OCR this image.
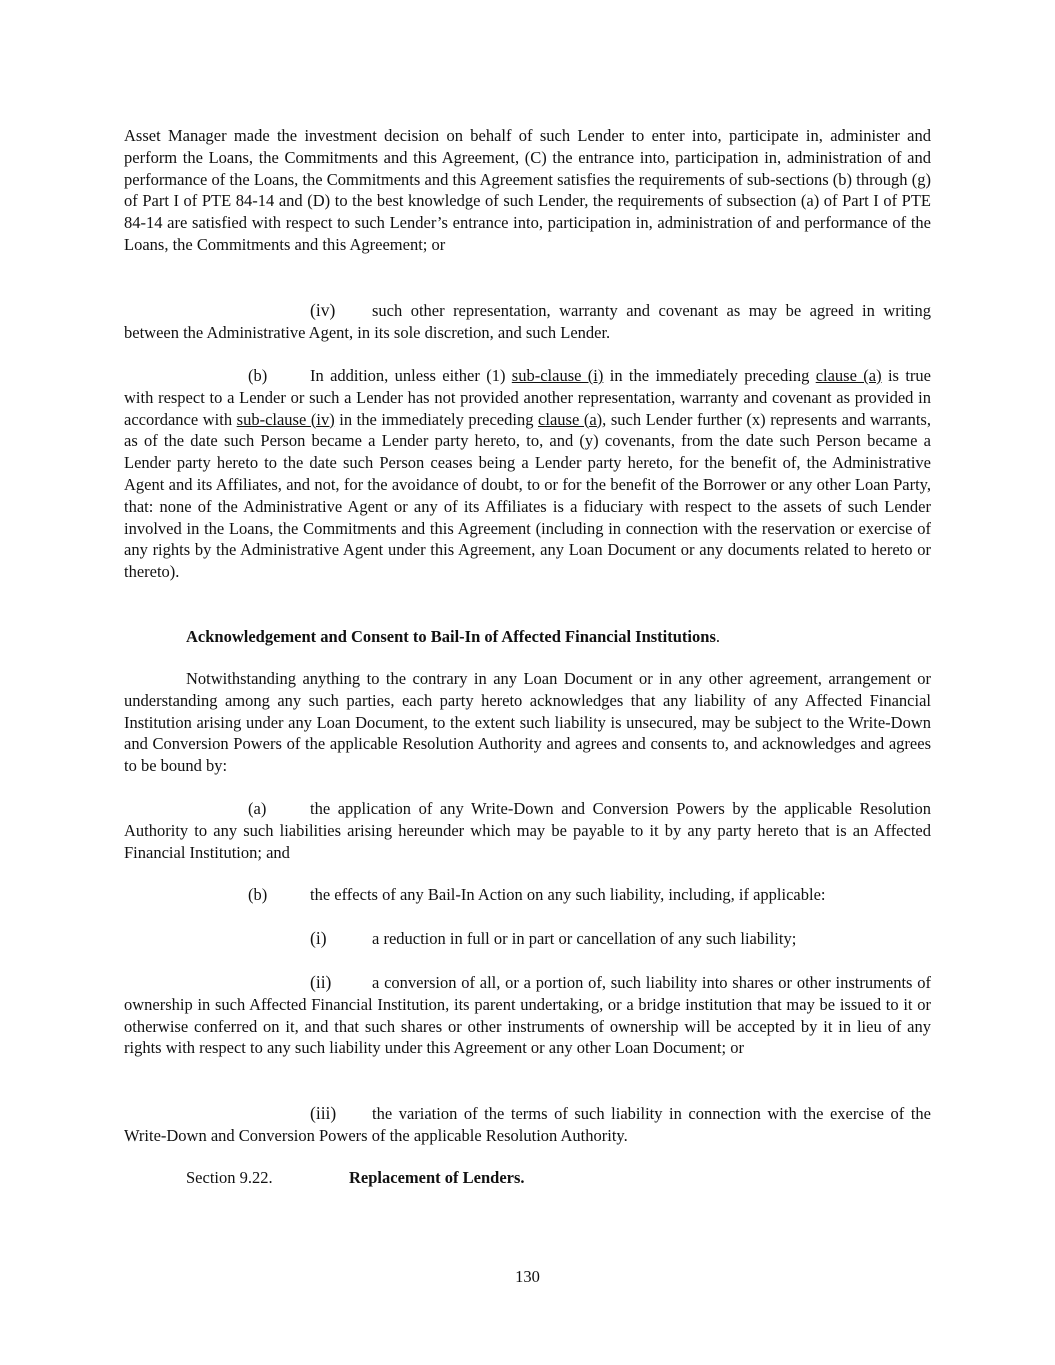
Asset Manager made the investment decision on behalf of such Lender to enter into, participate in, administer and perform the Loans, the Commitments and this Agreement, (C) the entrance into, participation in, administration of and performance of the Loans, the Commitments and this Agreement satisfies the requirements of sub-sections (b) through (g) of Part I of PTE 84-14 and (D) to the best knowledge of such Lender, the requirements of subsection (a) of Part I of PTE 84-14 are satisfied with respect to such Lender’s entrance into, participation in, administration of and performance of the Loans, the Commitments and this Agreement; or

(iv) such other representation, warranty and covenant as may be agreed in writing between the Administrative Agent, in its sole discretion, and such Lender.

(b)	In addition, unless either (1) sub-clause (i) in the immediately preceding clause (a) is true with respect to a Lender or such a Lender has not provided another representation, warranty and covenant as provided in accordance with sub-clause (iv) in the immediately preceding clause (a), such Lender further (x) represents and warrants, as of the date such Person became a Lender party hereto, to, and (y) covenants, from the date such Person became a Lender party hereto to the date such Person ceases being a Lender party hereto, for the benefit of, the Administrative Agent and its Affiliates, and not, for the avoidance of doubt, to or for the benefit of the Borrower or any other Loan Party, that: none of the Administrative Agent or any of its Affiliates is a fiduciary with respect to the assets of such Lender involved in the Loans, the Commitments and this Agreement (including in connection with the reservation or exercise of any rights by the Administrative Agent under this Agreement, any Loan Document or any documents related to hereto or thereto).

Acknowledgement and Consent to Bail-In of Affected Financial Institutions.

Notwithstanding anything to the contrary in any Loan Document or in any other agreement, arrangement or understanding among any such parties, each party hereto acknowledges that any liability of any Affected Financial Institution arising under any Loan Document, to the extent such liability is unsecured, may be subject to the Write-Down and Conversion Powers of the applicable Resolution Authority and agrees and consents to, and acknowledges and agrees to be bound by:

(a)	the application of any Write-Down and Conversion Powers by the applicable Resolution Authority to any such liabilities arising hereunder which may be payable to it by any party hereto that is an Affected Financial Institution; and

(b)	the effects of any Bail-In Action on any such liability, including, if applicable:
(i)	a reduction in full or in part or cancellation of any such liability;

(ii) a conversion of all, or a portion of, such liability into shares or other instruments of ownership in such Affected Financial Institution, its parent undertaking, or a bridge institution that may be issued to it or otherwise conferred on it, and that such shares or other instruments of ownership will be accepted by it in lieu of any rights with respect to any such liability under this Agreement or any other Loan Document; or

(iii) the variation of the terms of such liability in connection with the exercise of the Write-Down and Conversion Powers of the applicable Resolution Authority.

Section 9.22.	Replacement of Lenders.
130
